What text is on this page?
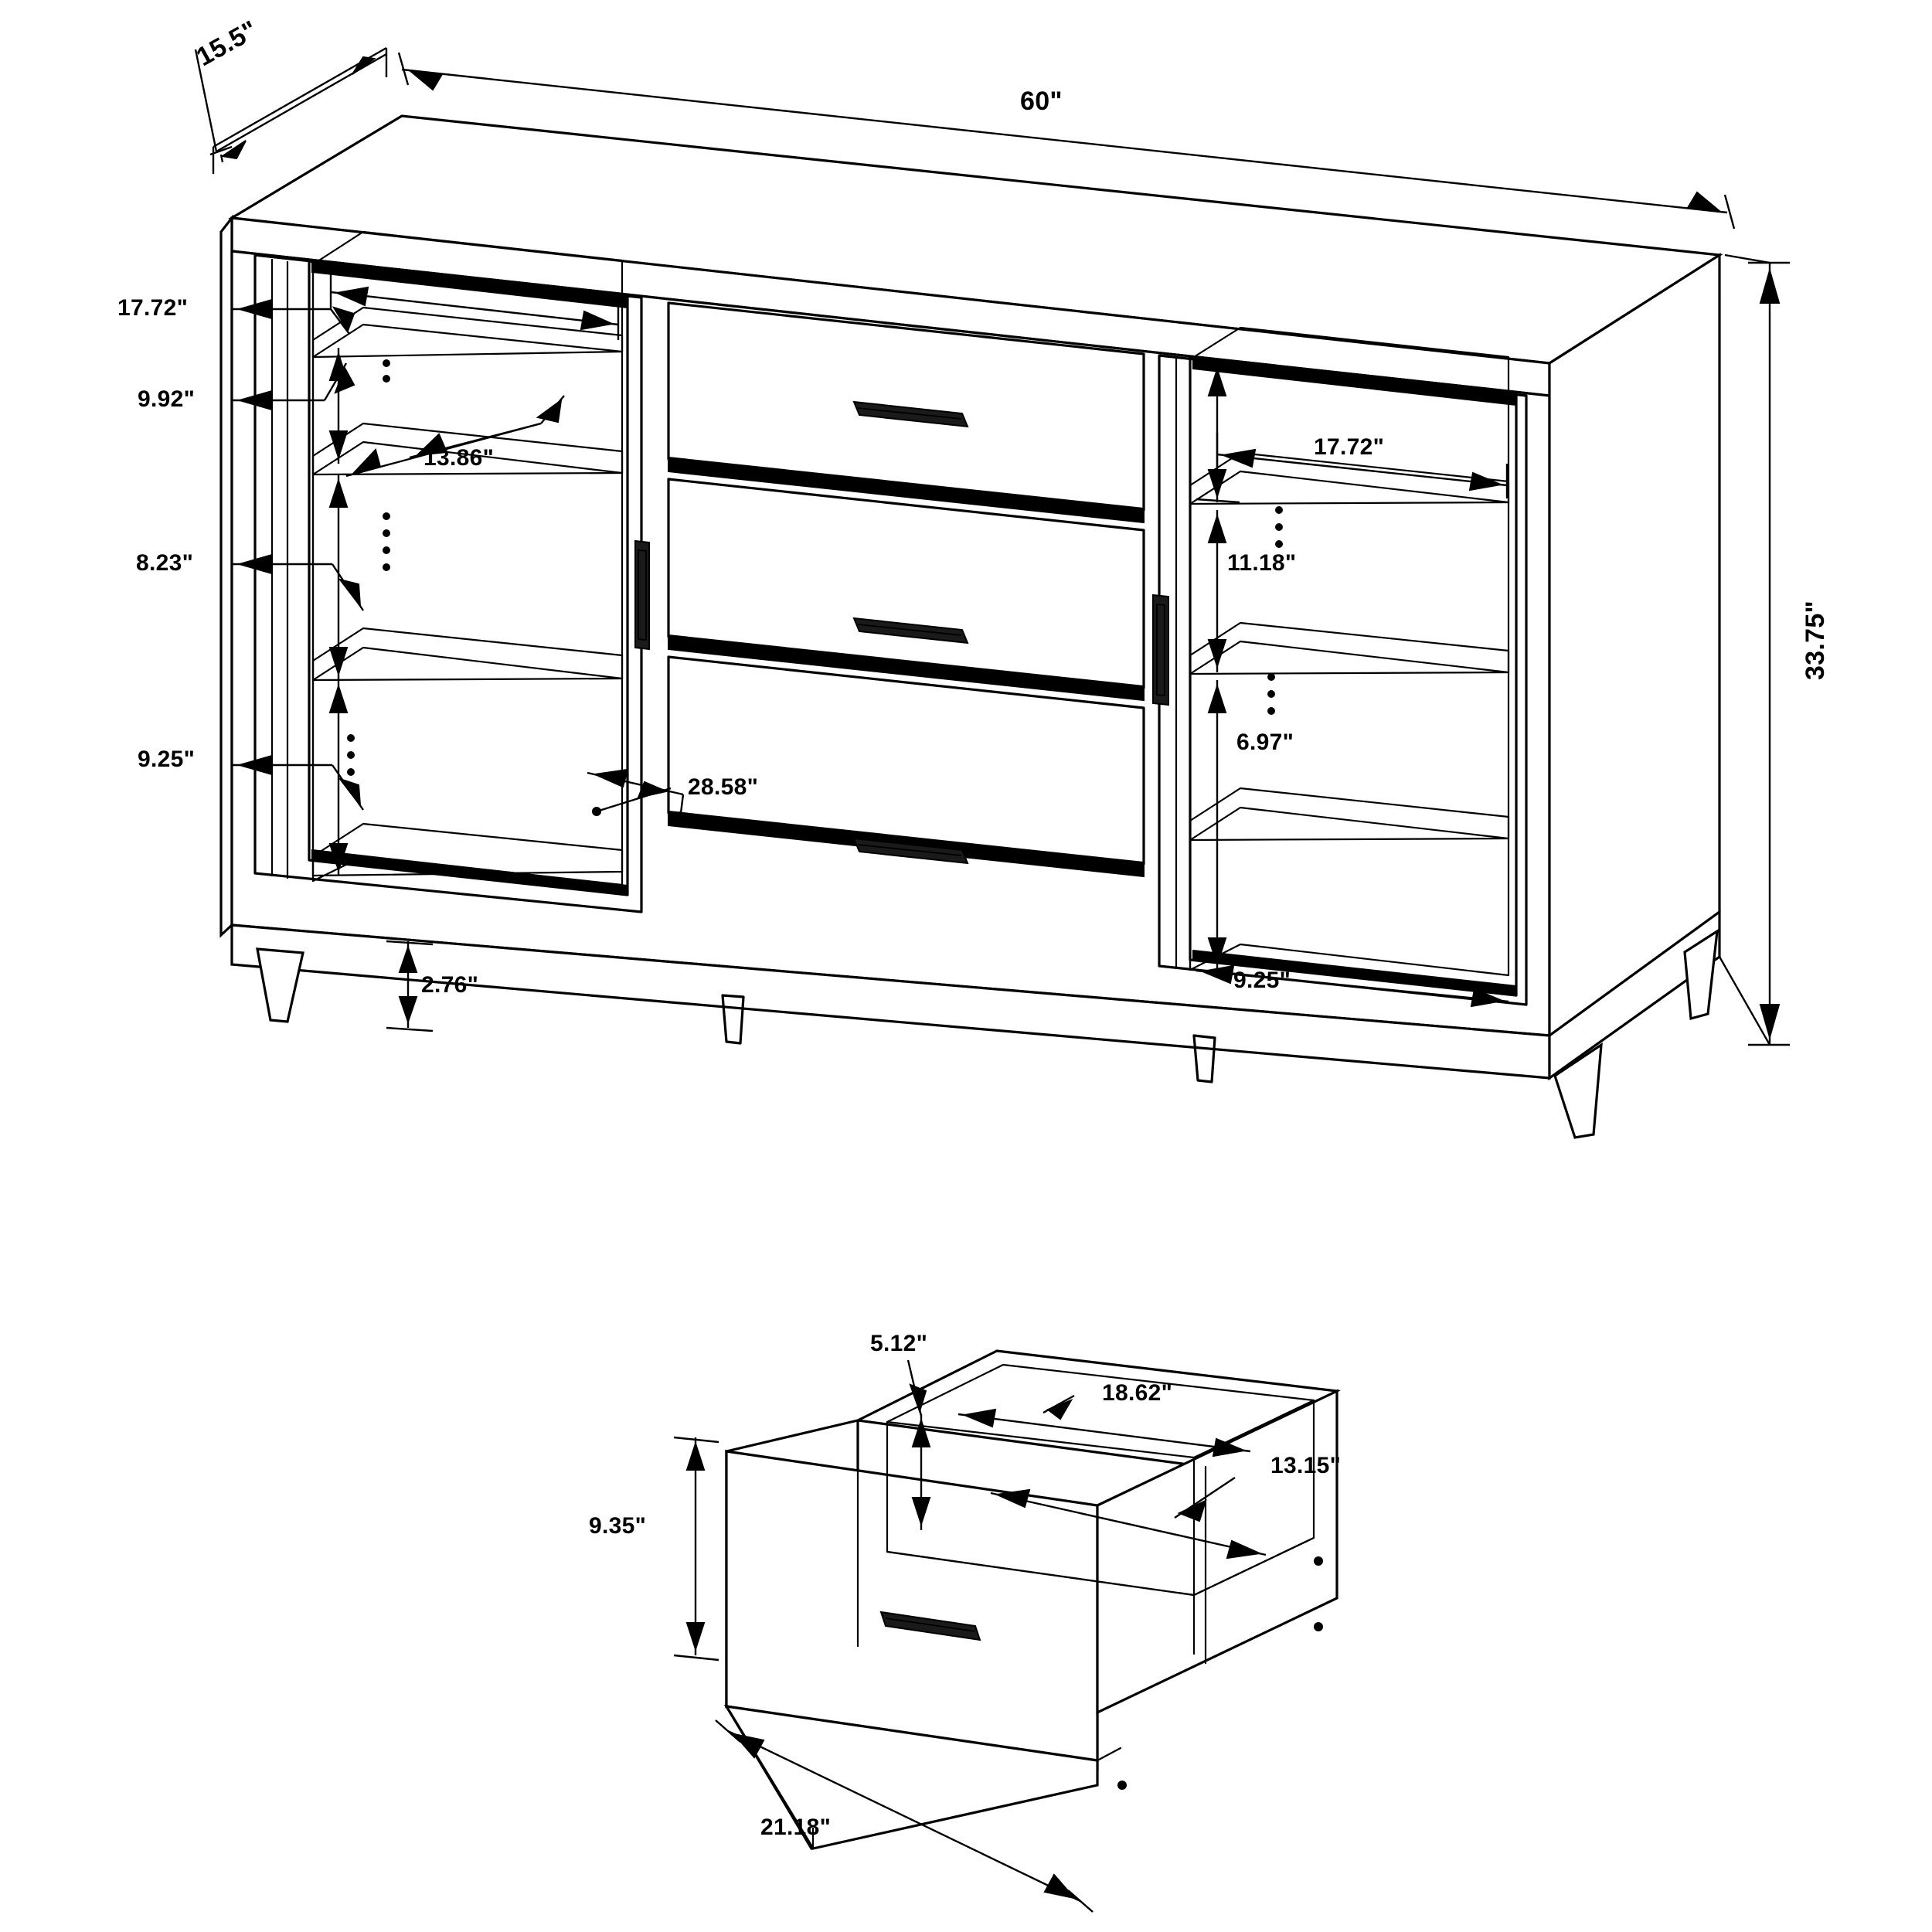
15.5"
60"
33.75"
17.72"
9.92"
13.86"
8.23"
9.25"
28.58"
2.76"
17.72"
11.18"
6.97"
9.25"
5.12"
18.62"
13.15"
9.35"
21.18"
